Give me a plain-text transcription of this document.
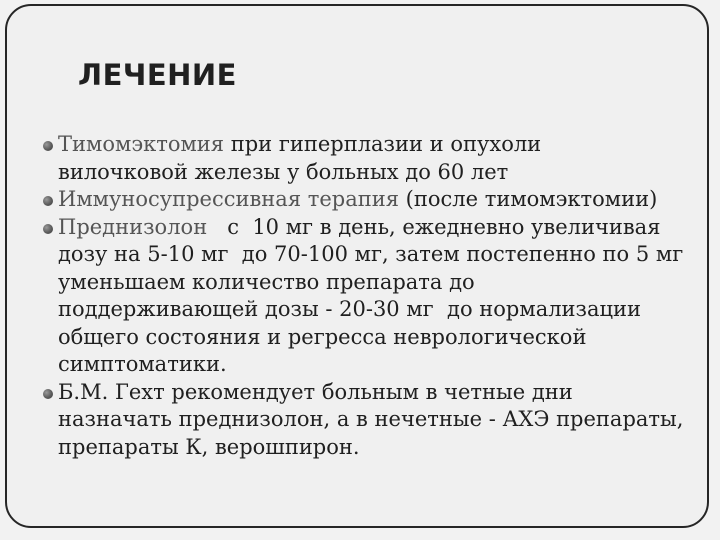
ЛЕЧЕНИЕ
Тимомэктомия при гиперплазии и опухоли
вилочковой железы у больных до 60 лет
Иммуносупрессивная терапия (после тимомэктомии)
Преднизолон   с  10 мг в день, ежедневно увеличивая
дозу на 5-10 мг  до 70-100 мг, затем постепенно по 5 мг
уменьшаем количество препарата до
поддерживающей дозы - 20-30 мг  до нормализации
общего состояния и регресса неврологической
симптоматики.
Б.М. Гехт рекомендует больным в четные дни
назначать преднизолон, а в нечетные - АХЭ препараты,
препараты К, верошпирон.
